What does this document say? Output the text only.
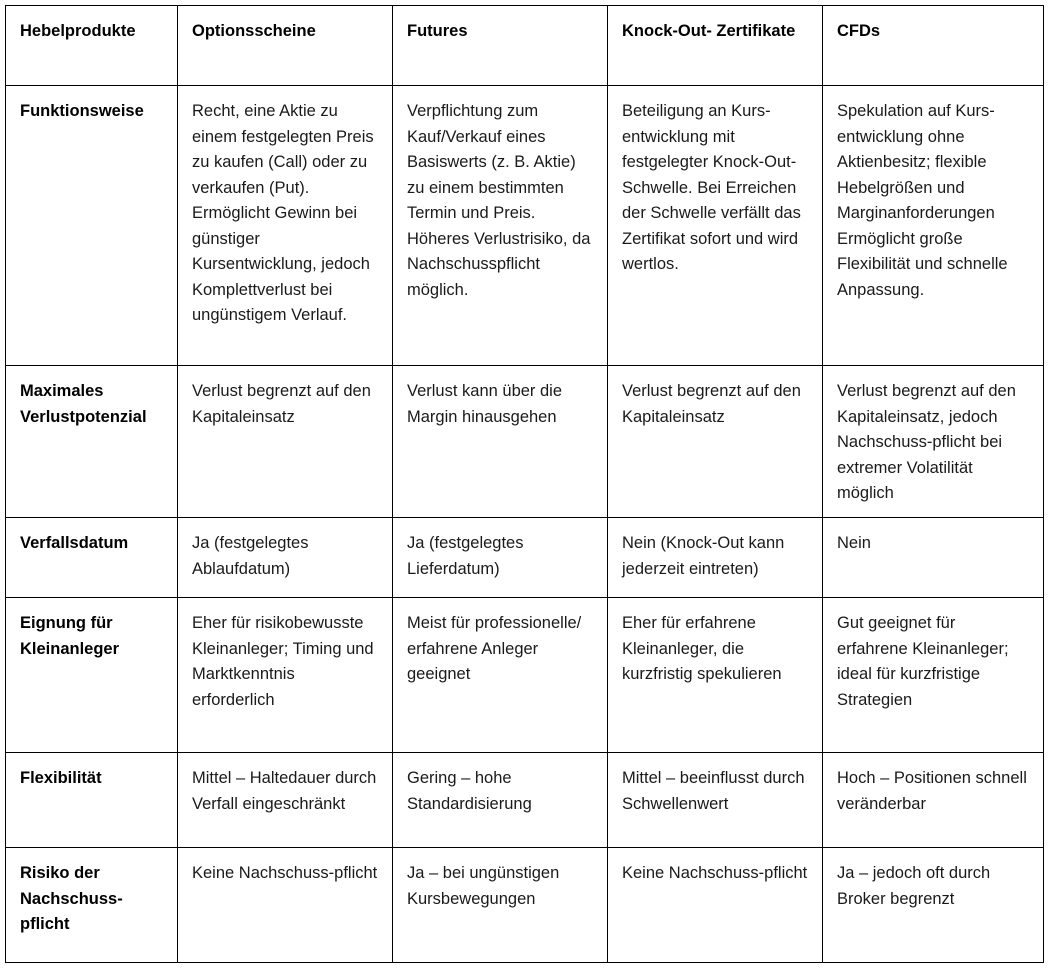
Hebelprodukte	Optionsscheine	Futures	Knock-Out- Zertifikate	CFDs
Funktionsweise	Recht, eine Aktie zu einem festgelegten Preis zu kaufen (Call) oder zu verkaufen (Put). Ermöglicht Gewinn bei günstiger Kursentwicklung, jedoch Komplettverlust bei ungünstigem Verlauf.	Verpflichtung zum Kauf/Verkauf eines Basiswerts (z. B. Aktie) zu einem bestimmten Termin und Preis. Höheres Verlustrisiko, da Nachschusspflicht möglich.	Beteiligung an Kurs-entwicklung mit festgelegter Knock-Out-Schwelle. Bei Erreichen der Schwelle verfällt das Zertifikat sofort und wird wertlos.	Spekulation auf Kurs-entwicklung ohne Aktienbesitz; flexible Hebelgrößen und Marginanforderungen Ermöglicht große Flexibilität und schnelle Anpassung.
Maximales Verlustpotenzial	Verlust begrenzt auf den Kapitaleinsatz	Verlust kann über die Margin hinausgehen	Verlust begrenzt auf den Kapitaleinsatz	Verlust begrenzt auf den Kapitaleinsatz, jedoch Nachschuss-pflicht bei extremer Volatilität möglich
Verfallsdatum	Ja (festgelegtes Ablaufdatum)	Ja (festgelegtes Lieferdatum)	Nein (Knock-Out kann jederzeit eintreten)	Nein
Eignung für Kleinanleger	Eher für risikobewusste Kleinanleger; Timing und Marktkenntnis erforderlich	Meist für professionelle/ erfahrene Anleger geeignet	Eher für erfahrene Kleinanleger, die kurzfristig spekulieren	Gut geeignet für erfahrene Kleinanleger; ideal für kurzfristige Strategien
Flexibilität	Mittel – Haltedauer durch Verfall eingeschränkt	Gering – hohe Standardisierung	Mittel – beeinflusst durch Schwellenwert	Hoch – Positionen schnell veränderbar
Risiko der Nachschuss-pflicht	Keine Nachschuss-pflicht	Ja – bei ungünstigen Kursbewegungen	Keine Nachschuss-pflicht	Ja – jedoch oft durch Broker begrenzt
